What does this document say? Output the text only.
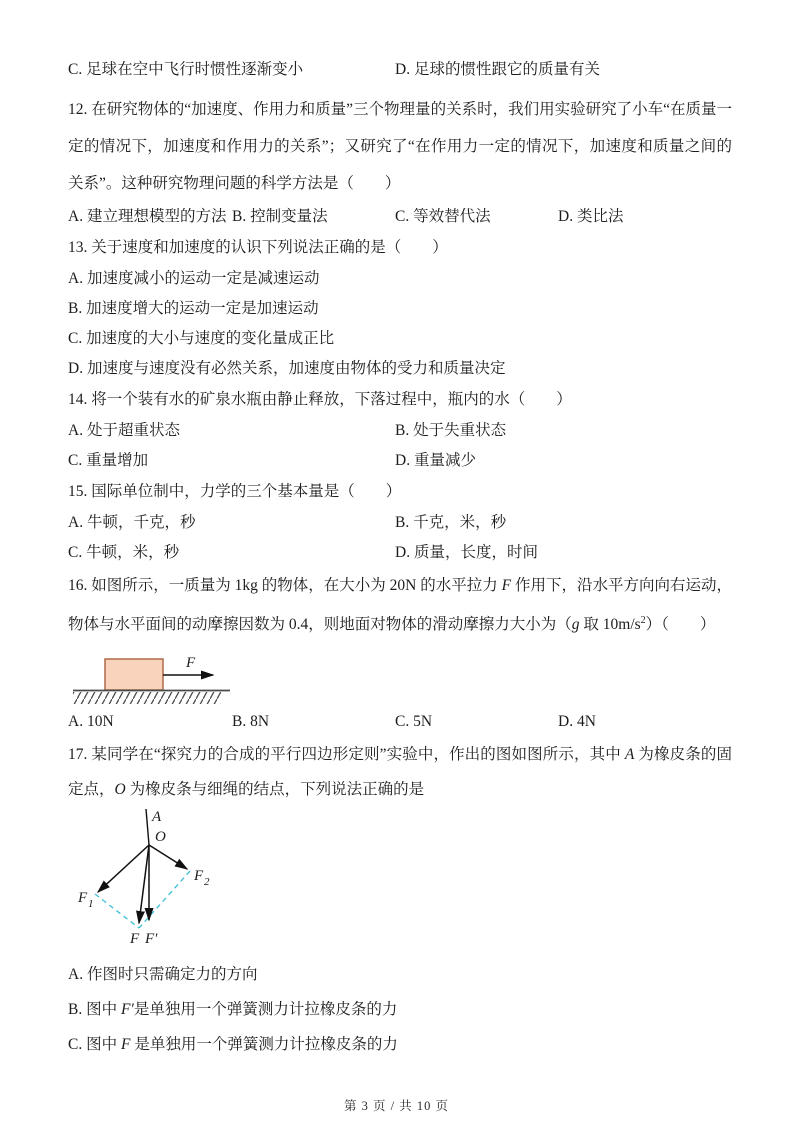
C. 足球在空中飞行时惯性逐渐变小	D. 足球的惯性跟它的质量有关

12. 在研究物体的“加速度、作用力和质量”三个物理量的关系时，我们用实验研究了小车“在质量一定的情况下，加速度和作用力的关系”；又研究了“在作用力一定的情况下，加速度和质量之间的关系”。这种研究物理问题的科学方法是（　　）

A. 建立理想模型的方法 B. 控制变量法	C. 等效替代法	D. 类比法

13. 关于速度和加速度的认识下列说法正确的是（　　）

A. 加速度减小的运动一定是减速运动
B. 加速度增大的运动一定是加速运动
C. 加速度的大小与速度的变化量成正比
D. 加速度与速度没有必然关系，加速度由物体的受力和质量决定

14. 将一个装有水的矿泉水瓶由静止释放，下落过程中，瓶内的水（　　）

A. 处于超重状态	B. 处于失重状态
C. 重量增加	D. 重量减少

15. 国际单位制中，力学的三个基本量是（　　）

A. 牛顿，千克，秒	B. 千克，米，秒
C. 牛顿，米，秒	D. 质量，长度，时间

16. 如图所示，一质量为 1kg 的物体，在大小为 20N 的水平拉力 F 作用下，沿水平方向向右运动，物体与水平面间的动摩擦因数为 0.4，则地面对物体的滑动摩擦力大小为（g 取 $10m/s^2$）（　　）

F
A. 10N	B. 8N	C. 5N	D. 4N

17. 某同学在“探究力的合成的平行四边形定则”实验中，作出的图如图所示，其中 A 为橡皮条的固定点，O 为橡皮条与细绳的结点，下列说法正确的是

A
O
F 1
F 2
F F′
A. 作图时只需确定力的方向
B. 图中 F′是单独用一个弹簧测力计拉橡皮条的力
C. 图中 F 是单独用一个弹簧测力计拉橡皮条的力
第 3 页 / 共 10 页
